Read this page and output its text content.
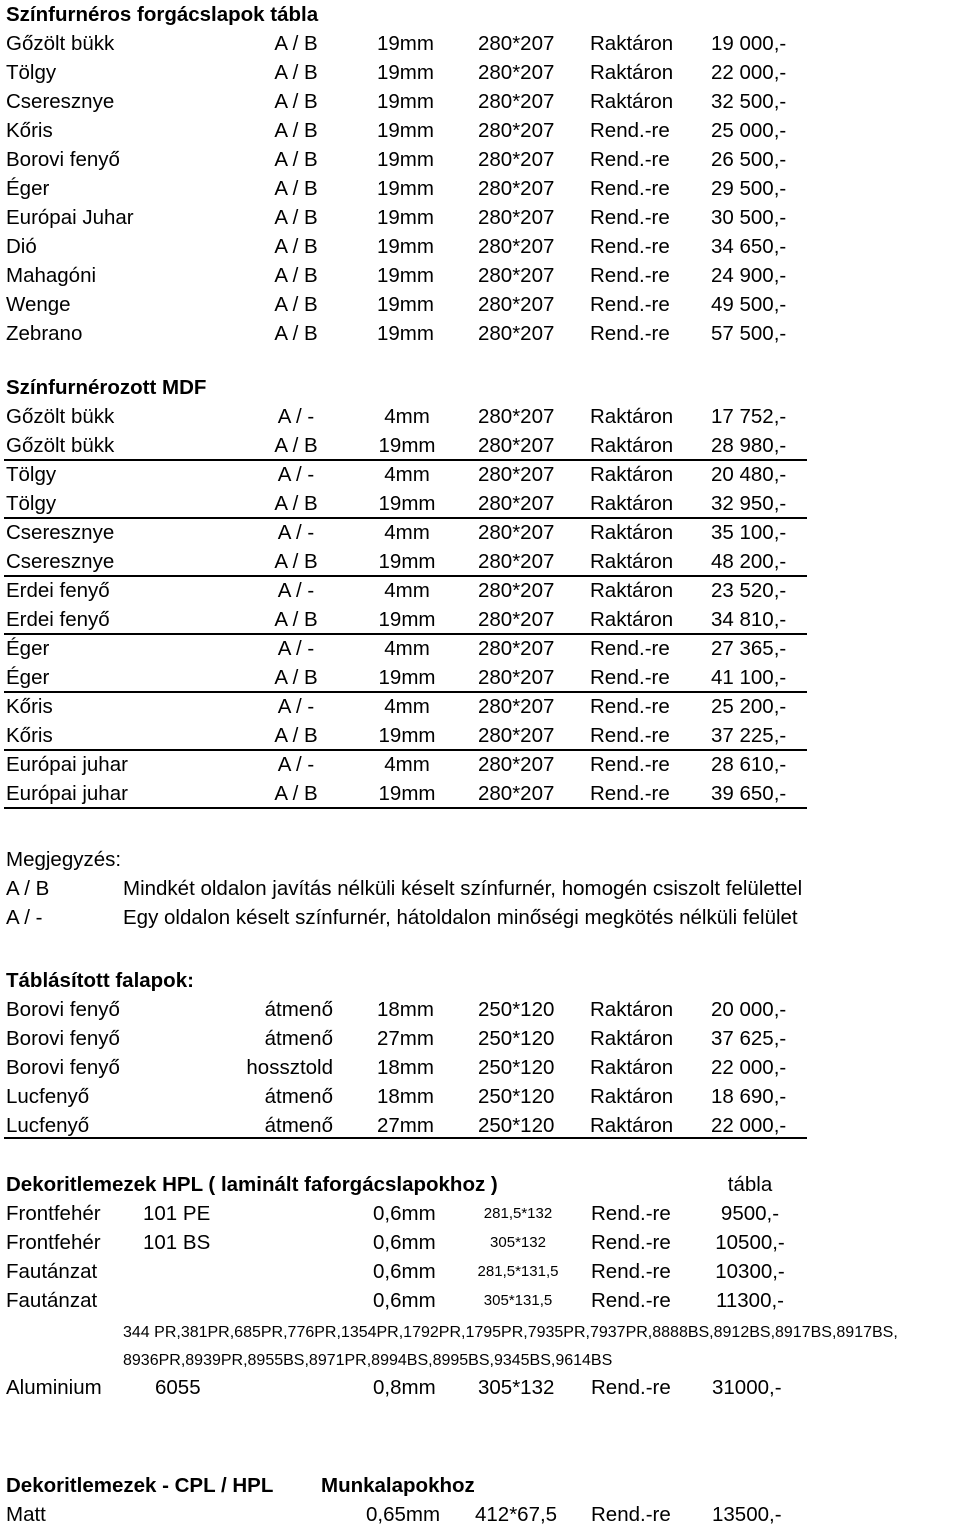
Színfurnéros forgácslapok tábla
Gőzölt bükk	A / B	19mm 280*207 Raktáron 19 000,-
Tölgy	A / B	19mm 280*207 Raktáron 22 000,-
Cseresznye	A / B	19mm 280*207 Raktáron 32 500,-
Kőris	A / B	19mm 280*207 Rend.-re 25 000,-
Borovi fenyő	A / B	19mm 280*207 Rend.-re 26 500,-
Éger	A / B	19mm 280*207 Rend.-re 29 500,-
Európai Juhar	A / B	19mm 280*207 Rend.-re 30 500,-
Dió	A / B	19mm 280*207 Rend.-re 34 650,-
Mahagóni	A / B	19mm 280*207 Rend.-re 24 900,-
Wenge	A / B	19mm 280*207 Rend.-re 49 500,-
Zebrano	A / B	19mm 280*207 Rend.-re 57 500,-
Színfurnérozott MDF
Gőzölt bükk	A / -	4mm 280*207 Raktáron 17 752,-
Gőzölt bükk	A / B	19mm 280*207 Raktáron 28 980,-
Tölgy	A / -	4mm 280*207 Raktáron 20 480,-
Tölgy	A / B	19mm 280*207 Raktáron 32 950,-
Cseresznye	A / -	4mm 280*207 Raktáron 35 100,-
Cseresznye	A / B	19mm 280*207 Raktáron 48 200,-
Erdei fenyő	A / -	4mm 280*207 Raktáron 23 520,-
Erdei fenyő	A / B	19mm 280*207 Raktáron 34 810,-
Éger	A / -	4mm 280*207 Rend.-re 27 365,-
Éger	A / B	19mm 280*207 Rend.-re 41 100,-
Kőris	A / -	4mm 280*207 Rend.-re 25 200,-
Kőris	A / B	19mm 280*207 Rend.-re 37 225,-
Európai juhar	A / -	4mm 280*207 Rend.-re 28 610,-
Európai juhar	A / B	19mm 280*207 Rend.-re 39 650,-
Megjegyzés:
A / B	Mindkét oldalon javítás nélküli késelt színfurnér, homogén csiszolt felülettel
A / -	Egy oldalon késelt színfurnér, hátoldalon minőségi megkötés nélküli felület
Táblásított falapok:
Borovi fenyő	átmenő 18mm 250*120 Raktáron 20 000,-
Borovi fenyő	átmenő 27mm 250*120 Raktáron 37 625,-
Borovi fenyő	hossztold 18mm 250*120 Raktáron 22 000,-
Lucfenyő	átmenő 18mm 250*120 Raktáron 18 690,-
Lucfenyő	átmenő 27mm 250*120 Raktáron 22 000,-
Dekoritlemezek HPL ( laminált faforgácslapokhoz )	tábla
Frontfehér 101 PE	0,6mm	281,5*132 Rend.-re 9500,-
Frontfehér 101 BS	0,6mm	305*132 Rend.-re 10500,-
Fautánzat	0,6mm	281,5*131,5 Rend.-re 10300,-
Fautánzat	0,6mm	305*131,5 Rend.-re 11300,-
344 PR,381PR,685PR,776PR,1354PR,1792PR,1795PR,7935PR,7937PR,8888BS,8912BS,8917BS,8917BS,
8936PR,8939PR,8955BS,8971PR,8994BS,8995BS,9345BS,9614BS
Aluminium	6055	0,8mm 305*132 Rend.-re 31000,-
Dekoritlemezek - CPL / HPL Munkalapokhoz
Matt	0,65mm 412*67,5 Rend.-re 13500,-
